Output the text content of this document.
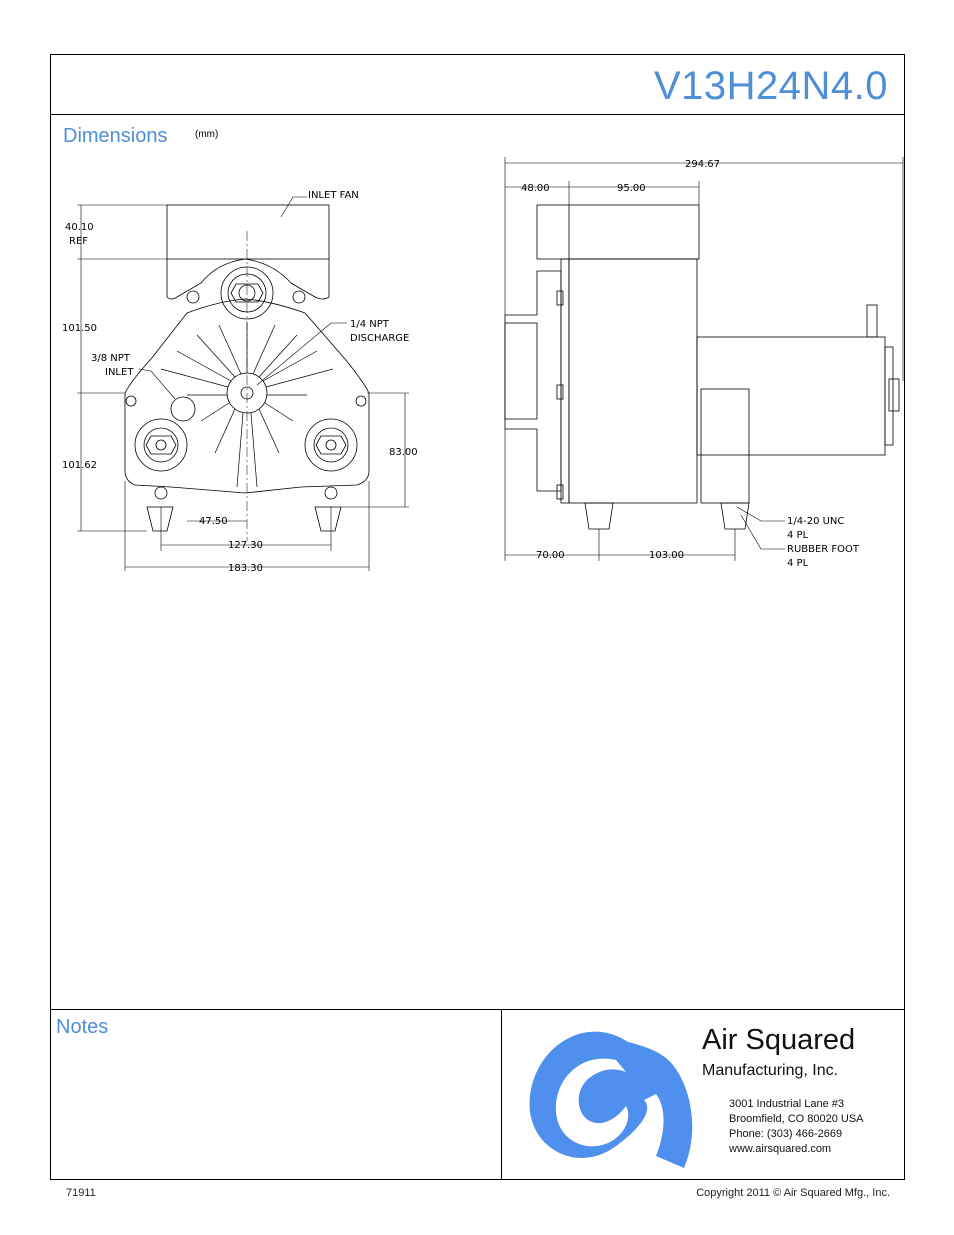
V13H24N4.0
Dimensions	(mm)
INLET FAN
40.10
REF
101.50	1/4 NPT
DISCHARGE
3/8 NPT
INLET
101.62
83.00
47.50
127.30
183.30
294.67
48.00	95.00
70.00	103.00
1/4-20 UNC
4 PL
RUBBER FOOT
4 PL
Notes	Air Squared
Manufacturing, Inc.
3001 Industrial Lane #3
Broomfield, CO 80020 USA
Phone: (303) 466-2669
www.airsquared.com
71911	Copyright 2011 © Air Squared Mfg., Inc.
